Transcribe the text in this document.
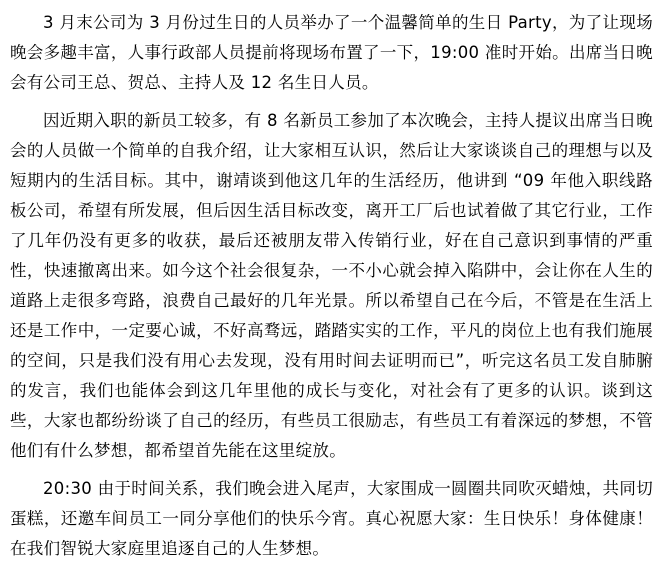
3 月末公司为 3 月份过生日的人员举办了一个温馨简单的生日 Party，为了让现场晚会多趣丰富，人事行政部人员提前将现场布置了一下，19:00 准时开始。出席当日晚会有公司王总、贺总、主持人及 12 名生日人员。

因近期入职的新员工较多，有 8 名新员工参加了本次晚会，主持人提议出席当日晚会的人员做一个简单的自我介绍，让大家相互认识，然后让大家谈谈自己的理想与以及短期内的生活目标。其中，谢靖谈到他这几年的生活经历，他讲到 “09 年他入职线路板公司，希望有所发展，但后因生活目标改变，离开工厂后也试着做了其它行业，工作了几年仍没有更多的收获，最后还被朋友带入传销行业，好在自己意识到事情的严重性，快速撤离出来。如今这个社会很复杂，一不小心就会掉入陷阱中，会让你在人生的道路上走很多弯路，浪费自己最好的几年光景。所以希望自己在今后，不管是在生活上还是工作中，一定要心诚，不好高骛远，踏踏实实的工作，平凡的岗位上也有我们施展的空间，只是我们没有用心去发现，没有用时间去证明而已”，听完这名员工发自肺腑的发言，我们也能体会到这几年里他的成长与变化，对社会有了更多的认识。谈到这些，大家也都纷纷谈了自己的经历，有些员工很励志，有些员工有着深远的梦想，不管他们有什么梦想，都希望首先能在这里绽放。

20:30 由于时间关系，我们晚会进入尾声，大家围成一圆圈共同吹灭蜡烛，共同切蛋糕，还邀车间员工一同分享他们的快乐今宵。真心祝愿大家：生日快乐！身体健康！在我们智锐大家庭里追逐自己的人生梦想。
